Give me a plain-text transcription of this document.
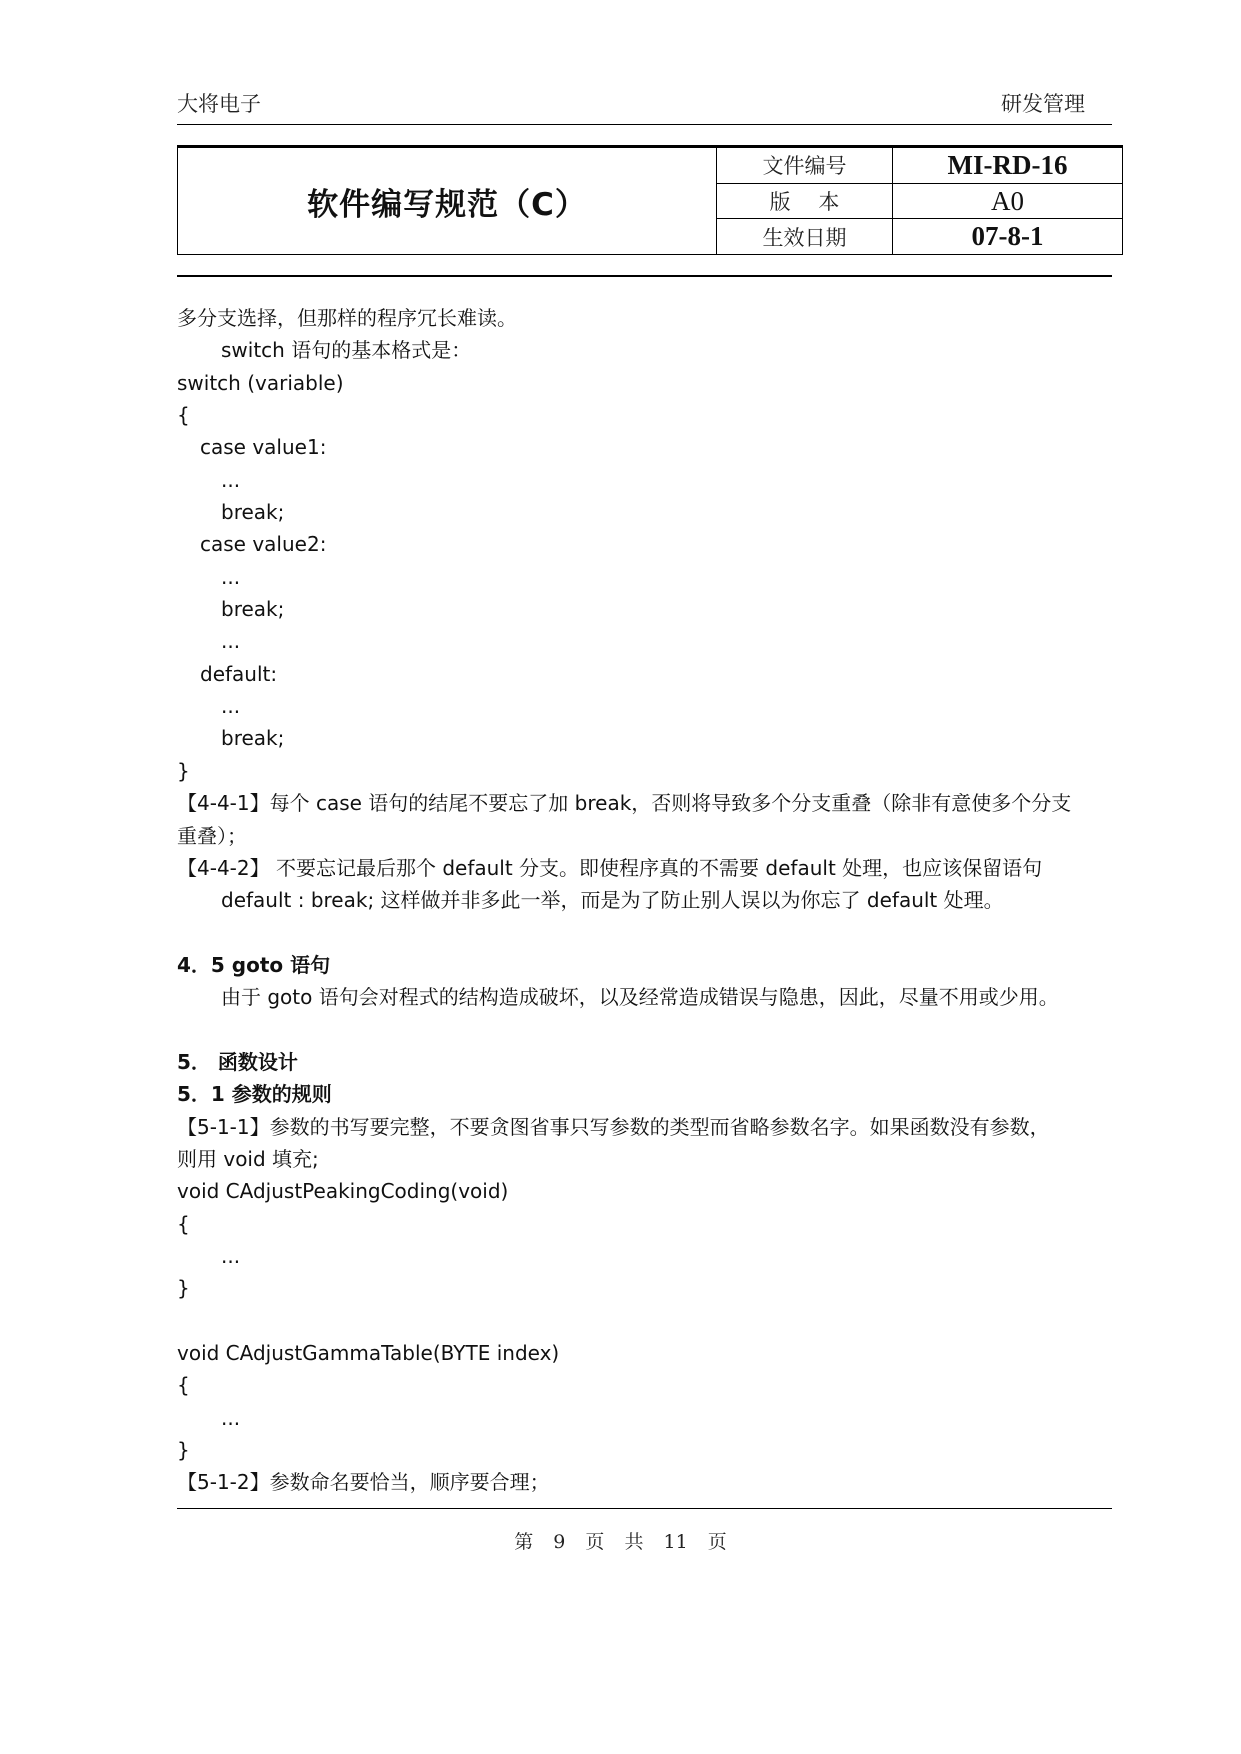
大将电子	研发管理
软件编写规范（C）	文件编号	MI-RD-16
	版　 本	A0
	生效日期	07-8-1
多分支选择，但那样的程序冗长难读。
switch 语句的基本格式是：
switch (variable)
{
case value1:
...
break;
case value2:
...
break;
...
default:
...
break;
}
【4-4-1】每个 case 语句的结尾不要忘了加 break，否则将导致多个分支重叠（除非有意使多个分支
重叠）；
【4-4-2】 不要忘记最后那个 default 分支。即使程序真的不需要 default 处理，也应该保留语句
default : break; 这样做并非多此一举，而是为了防止别人误以为你忘了 default 处理。
4．5 goto 语句
由于 goto 语句会对程式的结构造成破坏，以及经常造成错误与隐患，因此，尽量不用或少用。
5． 函数设计
5．1 参数的规则
【5-1-1】参数的书写要完整，不要贪图省事只写参数的类型而省略参数名字。如果函数没有参数，
则用 void 填充;
void CAdjustPeakingCoding(void)
{
...
}
void CAdjustGammaTable(BYTE index)
{
...
}
【5-1-2】参数命名要恰当，顺序要合理；
第 9 页 共 11 页
